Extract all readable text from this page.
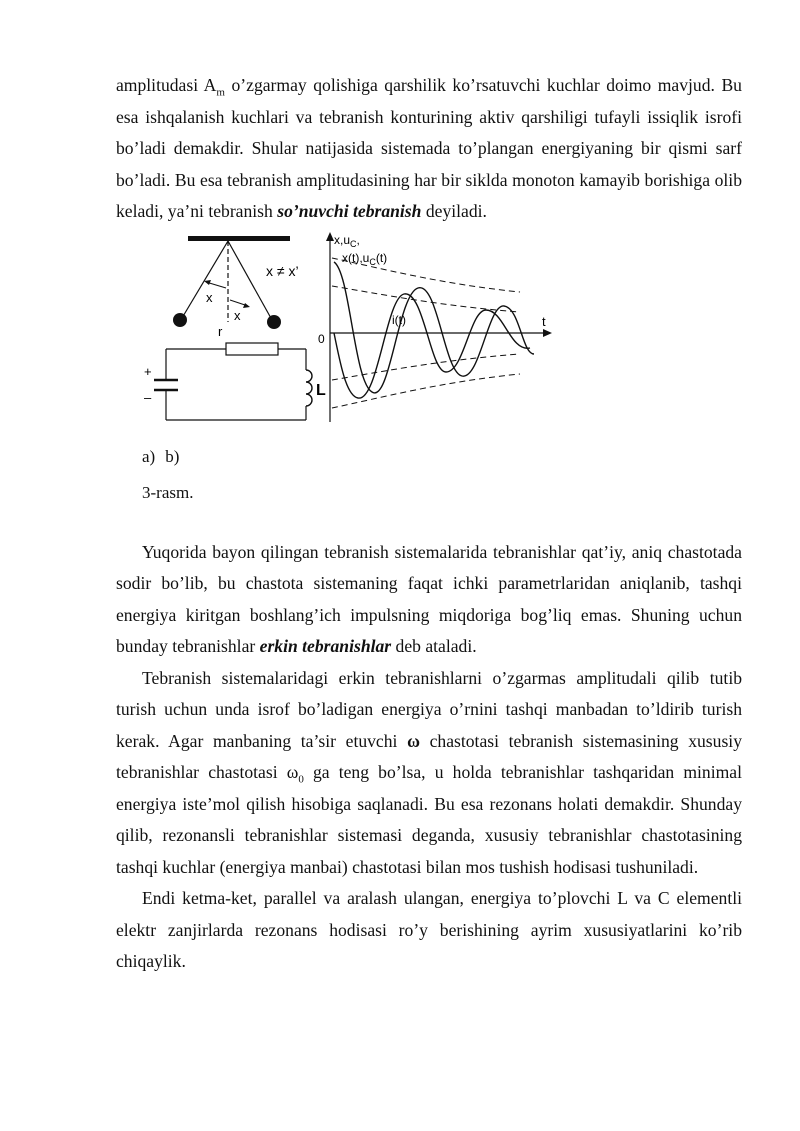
amplitudasi $A_m$ o’zgarmay qolishiga qarshilik ko’rsatuvchi kuchlar doimo mavjud. Bu esa ishqalanish kuchlari va tebranish konturining aktiv qarshiligi tufayli issiqlik isrofi bo’ladi demakdir. Shular natijasida sistemada to’plangan energiyaning bir qismi sarf bo’ladi. Bu esa tebranish amplitudasining har bir siklda monoton kamayib borishiga olib keladi, ya’ni tebranish so’nuvchi tebranish deyiladi.

x
x
r
x ≠ x’
+
–	L
$x,u_C$,
$x(t),u_C(t)$
i(t)
0
t
a) b)
3-rasm.

Yuqorida bayon qilingan tebranish sistemalarida tebranishlar qat’iy, aniq chastotada sodir bo’lib, bu chastota sistemaning faqat ichki parametrlaridan aniqlanib, tashqi energiya kiritgan boshlang’ich impulsning miqdoriga bog’liq emas. Shuning uchun bunday tebranishlar erkin tebranishlar deb ataladi.

Tebranish sistemalaridagi erkin tebranishlarni o’zgarmas amplitudali qilib tutib turish uchun unda isrof bo’ladigan energiya o’rnini tashqi manbadan to’ldirib turish kerak. Agar manbaning ta’sir etuvchi ω chastotasi tebranish sistemasining xususiy tebranishlar chastotasi $\omega_0$ ga teng bo’lsa, u holda tebranishlar tashqaridan minimal energiya iste’mol qilish hisobiga saqlanadi. Bu esa rezonans holati demakdir. Shunday qilib, rezonansli tebranishlar sistemasi deganda, xususiy tebranishlar chastotasining tashqi kuchlar (energiya manbai) chastotasi bilan mos tushish hodisasi tushuniladi.

Endi ketma-ket, parallel va aralash ulangan, energiya to’plovchi L va C elementli elektr zanjirlarda rezonans hodisasi ro’y berishining ayrim xususiyatlarini ko’rib chiqaylik.
